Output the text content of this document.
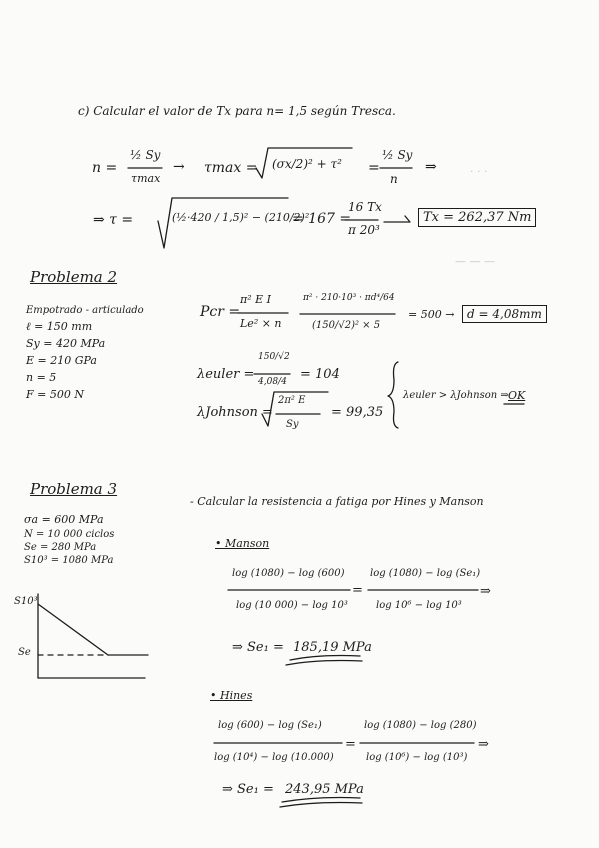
· · ·
— — —
c) Calcular el valor de Tx para n= 1,5 según Tresca.
n =
½ Sy
τmax
→ τmax = (σx/2)² + τ² =
½ Sy
n
⇒
⇒ τ =	(½·420 / 1,5)² − (210/2)²
= 167 =
16 Tx
π 20³
Tx = 262,37 Nm
Problema 2
Empotrado - articulado
ℓ = 150 mm
Sy = 420 MPa
E = 210 GPa
n = 5
F = 500 N
Pcr =
π² E I
Le² × n
π² · 210·10³ · πd⁴/64
(150/√2)² × 5
= 500 →	d = 4,08mm
λeuler =
150/√2
4,08/4 = 104
λJohnson =
2π² E
Sy
= 99,35
λeuler > λJohnson ⇒ OK
Problema 3
σa = 600 MPa
N = 10 000 ciclos
Se = 280 MPa
S10³ = 1080 MPa
S10³
Se
- Calcular la resistencia a fatiga por Hines y Manson
• Manson
log (1080) − log (600)
log (10 000) − log 10³
=
log (1080) − log (Se₁)
log 10⁶ − log 10³
⇒
⇒ Se₁ = 185,19 MPa
• Hines
log (600) − log (Se₁)
log (10⁴) − log (10.000)
=
log (1080) − log (280)
log (10⁶) − log (10³)
⇒
⇒ Se₁ = 243,95 MPa
